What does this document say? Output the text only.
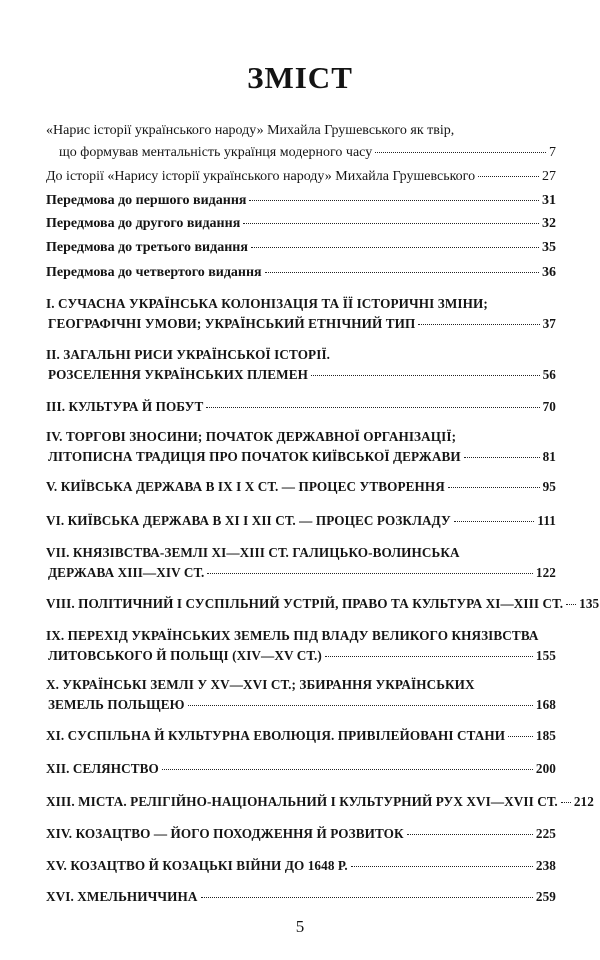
ЗМІСТ
«Нарис історії українського народу» Михайла Грушевського як твір,
що формував ментальність українця модерного часу	7
До історії «Нарису історії українського народу» Михайла Грушевського	27
Передмова до першого видання	31
Передмова до другого видання	32
Передмова до третього видання	35
Передмова до четвертого видання	36
I. СУЧАСНА УКРАЇНСЬКА КОЛОНІЗАЦІЯ ТА ЇЇ ІСТОРИЧНІ ЗМІНИ;
ГЕОГРАФІЧНІ УМОВИ; УКРАЇНСЬКИЙ ЕТНІЧНИЙ ТИП	37
II. ЗАГАЛЬНІ РИСИ УКРАЇНСЬКОЇ ІСТОРІЇ.
РОЗСЕЛЕННЯ УКРАЇНСЬКИХ ПЛЕМЕН	56
III. КУЛЬТУРА Й ПОБУТ	70
IV. ТОРГОВІ ЗНОСИНИ; ПОЧАТОК ДЕРЖАВНОЇ ОРГАНІЗАЦІЇ;
ЛІТОПИСНА ТРАДИЦІЯ ПРО ПОЧАТОК КИЇВСЬКОЇ ДЕРЖАВИ	81
V. КИЇВСЬКА ДЕРЖАВА В IX І X СТ. — ПРОЦЕС УТВОРЕННЯ	95
VI. КИЇВСЬКА ДЕРЖАВА В XI І XII СТ. — ПРОЦЕС РОЗКЛАДУ	111
VII. КНЯЗІВСТВА-ЗЕМЛІ XI—XIII СТ. ГАЛИЦЬКО-ВОЛИНСЬКА
ДЕРЖАВА XIII—XIV СТ.	122
VIII. ПОЛІТИЧНИЙ І СУСПІЛЬНИЙ УСТРІЙ, ПРАВО ТА КУЛЬТУРА XI—XIII СТ. 135
IX. ПЕРЕХІД УКРАЇНСЬКИХ ЗЕМЕЛЬ ПІД ВЛАДУ ВЕЛИКОГО КНЯЗІВСТВА
ЛИТОВСЬКОГО Й ПОЛЬЩІ (XIV—XV СТ.)	155
X. УКРАЇНСЬКІ ЗЕМЛІ У XV—XVI СТ.; ЗБИРАННЯ УКРАЇНСЬКИХ
ЗЕМЕЛЬ ПОЛЬЩЕЮ	168
XI. СУСПІЛЬНА Й КУЛЬТУРНА ЕВОЛЮЦІЯ. ПРИВІЛЕЙОВАНІ СТАНИ 185
XII. СЕЛЯНСТВО	200
XIII. МІСТА. РЕЛІГІЙНО-НАЦІОНАЛЬНИЙ І КУЛЬТУРНИЙ РУХ XVI—XVII СТ. 212
XIV. КОЗАЦТВО — ЙОГО ПОХОДЖЕННЯ Й РОЗВИТОК	225
XV. КОЗАЦТВО Й КОЗАЦЬКІ ВІЙНИ ДО 1648 Р.	238
XVI. ХМЕЛЬНИЧЧИНА	259
5
